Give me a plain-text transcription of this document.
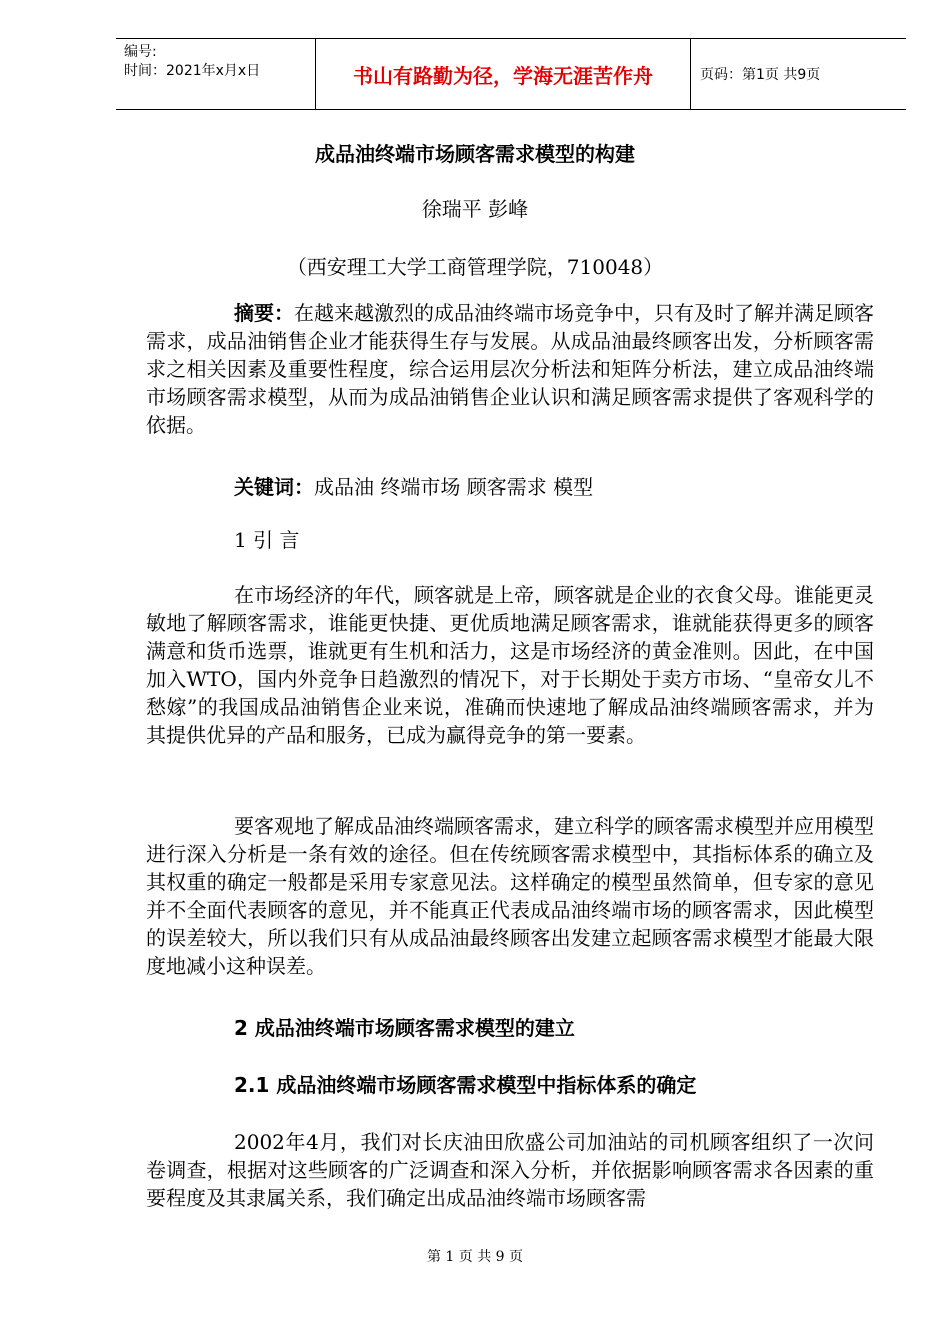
编号:
时间：2021年x月x日	书山有路勤为径，学海无涯苦作舟	页码：第1页 共9页
成品油终端市场顾客需求模型的构建
徐瑞平 彭峰
（西安理工大学工商管理学院，710048）

摘要：在越来越激烈的成品油终端市场竞争中，只有及时了解并满足顾客需求，成品油销售企业才能获得生存与发展。从成品油最终顾客出发，分析顾客需求之相关因素及重要性程度，综合运用层次分析法和矩阵分析法，建立成品油终端市场顾客需求模型，从而为成品油销售企业认识和满足顾客需求提供了客观科学的依据。

关键词：成品油 终端市场 顾客需求 模型

1 引 言

在市场经济的年代，顾客就是上帝，顾客就是企业的衣食父母。谁能更灵敏地了解顾客需求，谁能更快捷、更优质地满足顾客需求，谁就能获得更多的顾客满意和货币选票，谁就更有生机和活力，这是市场经济的黄金准则。因此，在中国加入WTO，国内外竞争日趋激烈的情况下，对于长期处于卖方市场、“皇帝女儿不愁嫁”的我国成品油销售企业来说，准确而快速地了解成品油终端顾客需求，并为其提供优异的产品和服务，已成为赢得竞争的第一要素。

要客观地了解成品油终端顾客需求，建立科学的顾客需求模型并应用模型进行深入分析是一条有效的途径。但在传统顾客需求模型中，其指标体系的确立及其权重的确定一般都是采用专家意见法。这样确定的模型虽然简单，但专家的意见并不全面代表顾客的意见，并不能真正代表成品油终端市场的顾客需求，因此模型的误差较大，所以我们只有从成品油最终顾客出发建立起顾客需求模型才能最大限度地减小这种误差。

2 成品油终端市场顾客需求模型的建立
2.1 成品油终端市场顾客需求模型中指标体系的确定

2002年4月，我们对长庆油田欣盛公司加油站的司机顾客组织了一次问卷调查，根据对这些顾客的广泛调查和深入分析，并依据影响顾客需求各因素的重要程度及其隶属关系，我们确定出成品油终端市场顾客需

第 1 页 共 9 页
